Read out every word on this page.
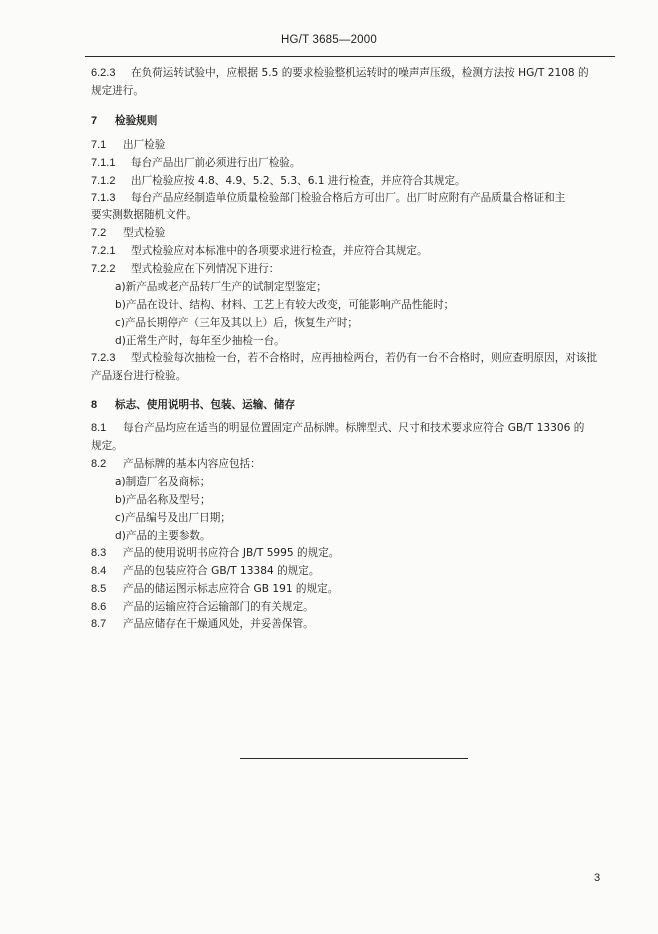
HG/T 3685—2000
6.2.3 在负荷运转试验中，应根据 5.5 的要求检验整机运转时的噪声声压级，检测方法按 HG/T 2108 的
规定进行。
7 检验规则
7.1 出厂检验
7.1.1 每台产品出厂前必须进行出厂检验。
7.1.2 出厂检验应按 4.8、4.9、5.2、5.3、6.1 进行检查，并应符合其规定。
7.1.3 每台产品应经制造单位质量检验部门检验合格后方可出厂。出厂时应附有产品质量合格证和主
要实测数据随机文件。
7.2 型式检验
7.2.1 型式检验应对本标准中的各项要求进行检查，并应符合其规定。
7.2.2 型式检验应在下列情况下进行：
a)新产品或老产品转厂生产的试制定型鉴定；
b)产品在设计、结构、材料、工艺上有较大改变，可能影响产品性能时；
c)产品长期停产（三年及其以上）后，恢复生产时；
d)正常生产时，每年至少抽检一台。
7.2.3 型式检验每次抽检一台，若不合格时，应再抽检两台，若仍有一台不合格时，则应查明原因，对该批
产品逐台进行检验。
8 标志、使用说明书、包装、运输、储存
8.1 每台产品均应在适当的明显位置固定产品标牌。标牌型式、尺寸和技术要求应符合 GB/T 13306 的
规定。
8.2 产品标牌的基本内容应包括：
a)制造厂名及商标；
b)产品名称及型号；
c)产品编号及出厂日期；
d)产品的主要参数。
8.3 产品的使用说明书应符合 JB/T 5995 的规定。
8.4 产品的包装应符合 GB/T 13384 的规定。
8.5 产品的储运图示标志应符合 GB 191 的规定。
8.6 产品的运输应符合运输部门的有关规定。
8.7 产品应储存在干燥通风处，并妥善保管。
3
